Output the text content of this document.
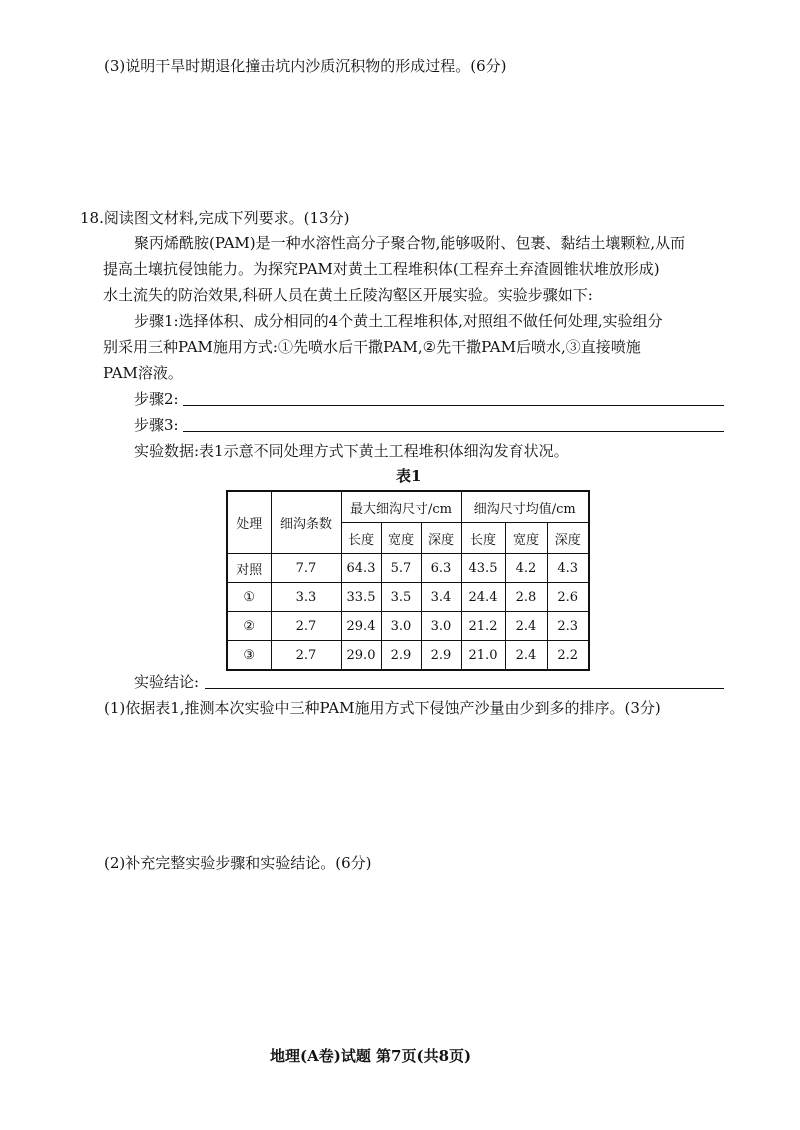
(3)说明干旱时期退化撞击坑内沙质沉积物的形成过程。(6分)
18.阅读图文材料,完成下列要求。(13分)
聚丙烯酰胺(PAM)是一种水溶性高分子聚合物,能够吸附、包裹、黏结土壤颗粒,从而
提高土壤抗侵蚀能力。为探究PAM对黄土工程堆积体(工程弃土弃渣圆锥状堆放形成)
水土流失的防治效果,科研人员在黄土丘陵沟壑区开展实验。实验步骤如下:
步骤1:选择体积、成分相同的4个黄土工程堆积体,对照组不做任何处理,实验组分
别采用三种PAM施用方式:①先喷水后干撒PAM,②先干撒PAM后喷水,③直接喷施
PAM溶液。
步骤2:
步骤3:
实验数据:表1示意不同处理方式下黄土工程堆积体细沟发育状况。
表1
处理	细沟条数	最大细沟尺寸/cm			细沟尺寸均值/cm		
		长度	宽度	深度	长度	宽度	深度
对照	7.7	64.3	5.7	6.3	43.5	4.2	4.3
①	3.3	33.5	3.5	3.4	24.4	2.8	2.6
②	2.7	29.4	3.0	3.0	21.2	2.4	2.3
③	2.7	29.0	2.9	2.9	21.0	2.4	2.2
实验结论:
(1)依据表1,推测本次实验中三种PAM施用方式下侵蚀产沙量由少到多的排序。(3分)
(2)补充完整实验步骤和实验结论。(6分)
地理(A卷)试题 第7页(共8页)
